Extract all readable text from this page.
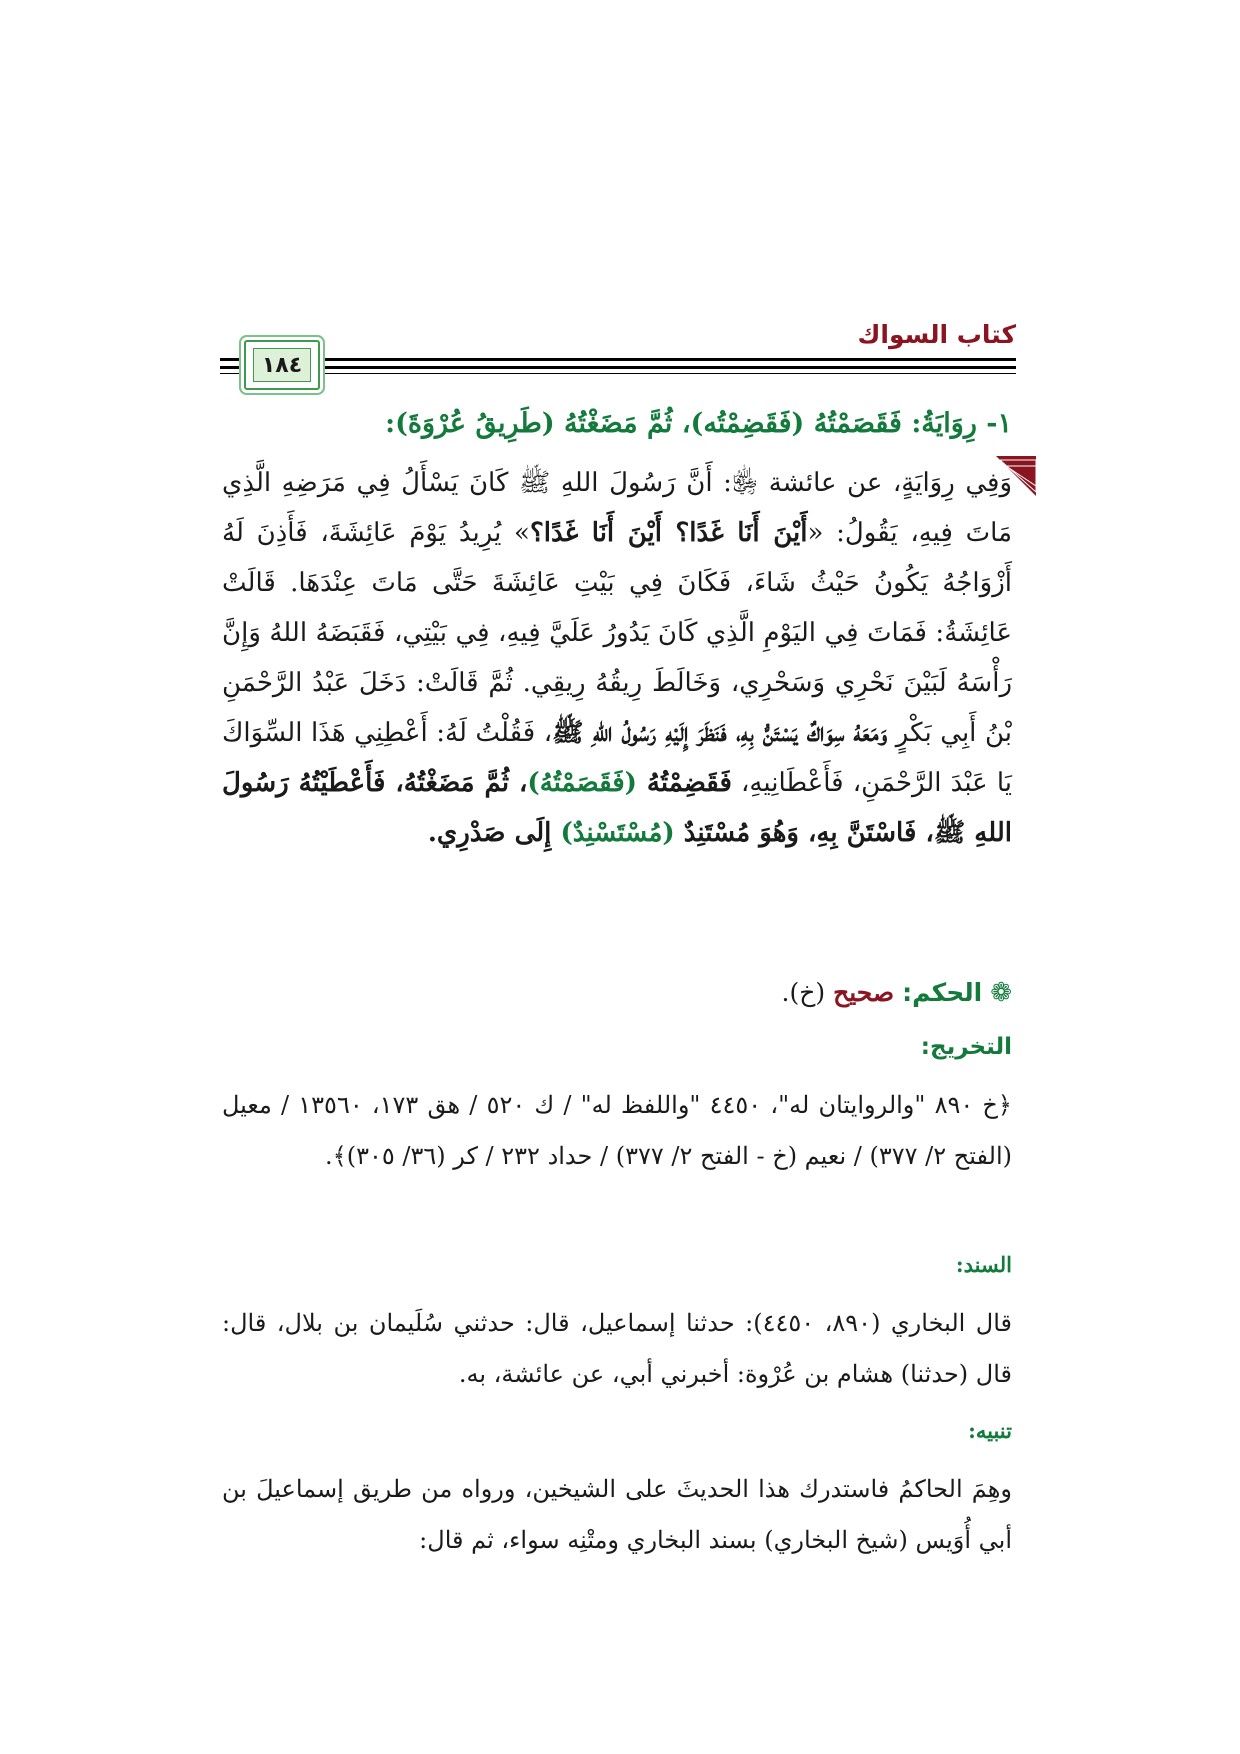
كتاب السواك
١٨٤
١- رِوَايَةُ: فَقَصَمْتُهُ (فَقَضِمْتُه)، ثُمَّ مَضَغْتُهُ (طَرِيقُ عُرْوَةَ):
وَفِي رِوَايَةٍ، عن عائشة ﵂: أَنَّ رَسُولَ اللهِ ﷺ كَانَ يَسْأَلُ فِي مَرَضِهِ الَّذِي مَاتَ فِيهِ، يَقُولُ: «أَيْنَ أَنَا غَدًا؟ أَيْنَ أَنَا غَدًا؟» يُرِيدُ يَوْمَ عَائِشَةَ، فَأَذِنَ لَهُ أَزْوَاجُهُ يَكُونُ حَيْثُ شَاءَ، فَكَانَ فِي بَيْتِ عَائِشَةَ حَتَّى مَاتَ عِنْدَهَا. قَالَتْ عَائِشَةُ: فَمَاتَ فِي اليَوْمِ الَّذِي كَانَ يَدُورُ عَلَيَّ فِيهِ، فِي بَيْتِي، فَقَبَضَهُ اللهُ وَإِنَّ رَأْسَهُ لَبَيْنَ نَحْرِي وَسَحْرِي، وَخَالَطَ رِيقُهُ رِيقِي. ثُمَّ قَالَتْ: دَخَلَ عَبْدُ الرَّحْمَنِ بْنُ أَبِي بَكْرٍ وَمَعَهُ سِوَاكٌ يَسْتَنُّ بِهِ، فَنَظَرَ إِلَيْهِ رَسُولُ اللهِ ﷺ، فَقُلْتُ لَهُ: أَعْطِنِي هَذَا السِّوَاكَ يَا عَبْدَ الرَّحْمَنِ، فَأَعْطَانِيهِ، فَقَضِمْتُهُ (فَقَصَمْتُهُ)، ثُمَّ مَضَغْتُهُ، فَأَعْطَيْتُهُ رَسُولَ اللهِ ﷺ، فَاسْتَنَّ بِهِ، وَهُوَ مُسْتَنِدٌ (مُسْتَسْنِدٌ) إِلَى صَدْرِي.
❁الحكم: صحيح (خ).
التخريج:
﴿خ ٨٩٠ "والروايتان له"، ٤٤٥٠ "واللفظ له" / ك ٥٢٠ / هق ١٧٣، ١٣٥٦٠ / معيل (الفتح ٢/ ٣٧٧) / نعيم (خ - الفتح ٢/ ٣٧٧) / حداد ٢٣٢ / كر (٣٦/ ٣٠٥)﴾.
السند:
قال البخاري (٨٩٠، ٤٤٥٠): حدثنا إسماعيل، قال: حدثني سُلَيمان بن بلال، قال: قال (حدثنا) هشام بن عُرْوة: أخبرني أبي، عن عائشة، به.
تنبيه:
وهِمَ الحاكمُ فاستدرك هذا الحديثَ على الشيخين، ورواه من طريق إسماعيلَ بن أبي أُوَيس (شيخ البخاري) بسند البخاري ومتْنِه سواء، ثم قال:
